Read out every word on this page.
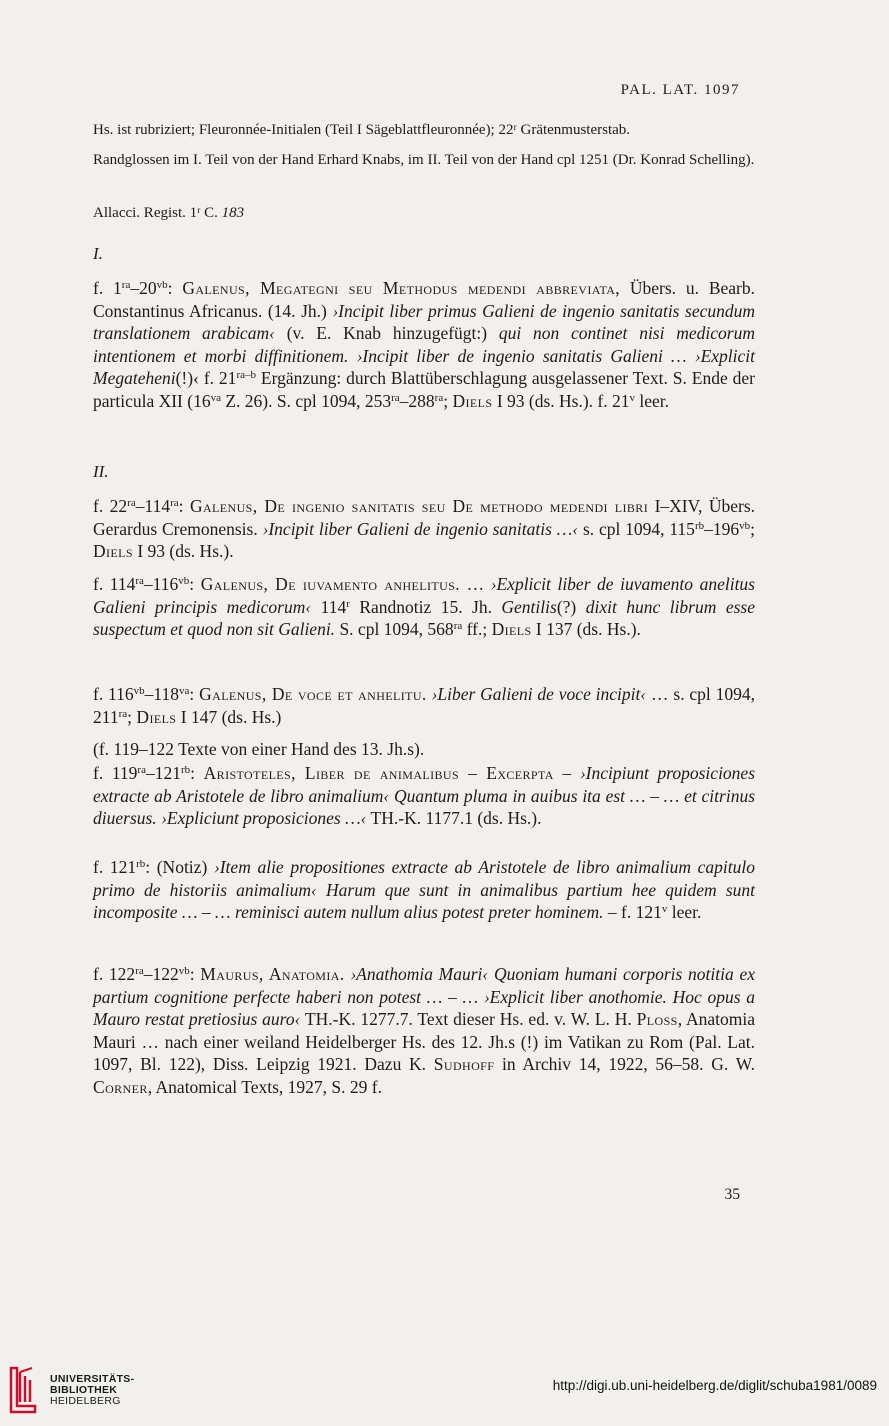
PAL. LAT. 1097
Hs. ist rubriziert; Fleuronnée-Initialen (Teil I Sägeblattfleuronnée); 22ʳ Grätenmusterstab.
Randglossen im I. Teil von der Hand Erhard Knabs, im II. Teil von der Hand cpl 1251 (Dr. Konrad Schelling).
Allacci. Regist. 1ʳ C. 183
I.

f. $1^{ra}-20^{vb}$: Galenus, Megategni seu Methodus medendi abbreviata, Übers. u. Bearb. Constantinus Africanus. (14. Jh.) ›Incipit liber primus Galieni de ingenio sanitatis secundum translationem arabicam‹ (v. E. Knab hinzugefügt:) qui non continet nisi medicorum intentionem et morbi diffinitionem. ›Incipit liber de ingenio sanitatis Galieni … ›Explicit Megateheni(!)‹ f. $21^{ra-b}$ Ergänzung: durch Blattüberschlagung ausgelassener Text. S. Ende der particula XII ($16^{va}$ Z. 26). S. cpl 1094, $253^{ra}-288^{ra}$; Diels I 93 (ds. Hs.). f. 21$^v$ leer.

II.

f. $22^{ra}-114^{ra}$: Galenus, De ingenio sanitatis seu De methodo medendi libri I–XIV, Übers. Gerardus Cremonensis. ›Incipit liber Galieni de ingenio sanitatis …‹ s. cpl 1094, $115^{rb}-196^{vb}$; Diels I 93 (ds. Hs.).

f. $114^{ra}-116^{vb}$: Galenus, De iuvamento anhelitus. … ›Explicit liber de iuvamento anelitus Galieni principis medicorum‹ 114$^r$ Randnotiz 15. Jh. Gentilis(?) dixit hunc librum esse suspectum et quod non sit Galieni. S. cpl 1094, $568^{ra}$ ff.; Diels I 137 (ds. Hs.).

f. $116^{vb}-118^{va}$: Galenus, De voce et anhelitu. ›Liber Galieni de voce incipit‹ … s. cpl 1094, $211^{ra}$; Diels I 147 (ds. Hs.)

(f. 119–122 Texte von einer Hand des 13. Jh.s).

f. $119^{ra}-121^{rb}$: Aristoteles, Liber de animalibus – Excerpta – ›Incipiunt proposiciones extracte ab Aristotele de libro animalium‹ Quantum pluma in auibus ita est … – … et citrinus diuersus. ›Expliciunt proposiciones …‹ TH.-K. 1177.1 (ds. Hs.).

f. $121^{rb}$: (Notiz) ›Item alie propositiones extracte ab Aristotele de libro animalium capitulo primo de historiis animalium‹ Harum que sunt in animalibus partium hee quidem sunt incomposite … – … reminisci autem nullum alius potest preter hominem. – f. 121$^v$ leer.

f. $122^{ra}-122^{vb}$: Maurus, Anatomia. ›Anathomia Mauri‹ Quoniam humani corporis notitia ex partium cognitione perfecte haberi non potest … – … ›Explicit liber anothomie. Hoc opus a Mauro restat pretiosius auro‹ TH.-K. 1277.7. Text dieser Hs. ed. v. W. L. H. Ploss, Anatomia Mauri … nach einer weiland Heidelberger Hs. des 12. Jh.s (!) im Vatikan zu Rom (Pal. Lat. 1097, Bl. 122), Diss. Leipzig 1921. Dazu K. Sudhoff in Archiv 14, 1922, 56–58. G. W. Corner, Anatomical Texts, 1927, S. 29 f.

35
UNIVERSITÄTS-
BIBLIOTHEK
HEIDELBERG
http://digi.ub.uni-heidelberg.de/diglit/schuba1981/0089
